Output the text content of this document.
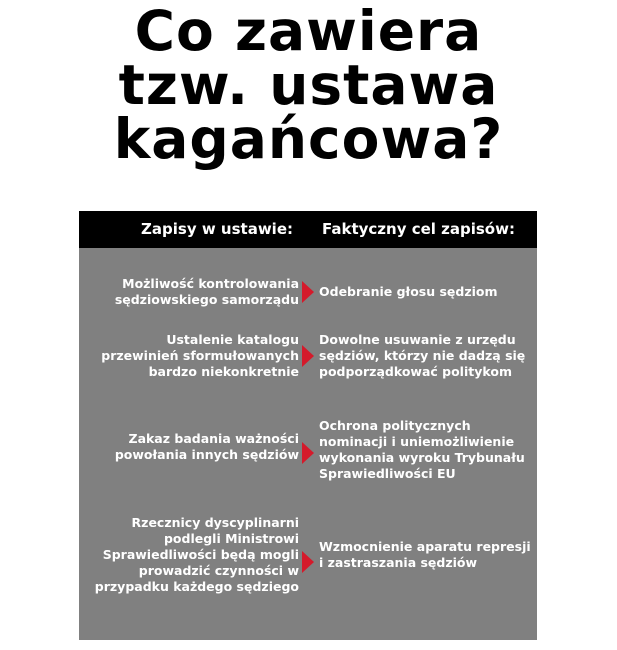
Co zawiera
tzw. ustawa
kagańcowa?
Zapisy w ustawie: Faktyczny cel zapisów:
Możliwość kontrolowania sędziowskiego samorządu
Odebranie głosu sędziom
Ustalenie katalogu przewinień sformułowanych bardzo niekonkretnie
Dowolne usuwanie z urzędu sędziów, którzy nie dadzą się podporządkować politykom
Zakaz badania ważności powołania innych sędziów
Ochrona politycznych nominacji i uniemożliwienie wykonania wyroku Trybunału Sprawiedliwości EU
Rzecznicy dyscyplinarni podlegli Ministrowi Sprawiedliwości będą mogli prowadzić czynności w przypadku każdego sędziego
Wzmocnienie aparatu represji i zastraszania sędziów
